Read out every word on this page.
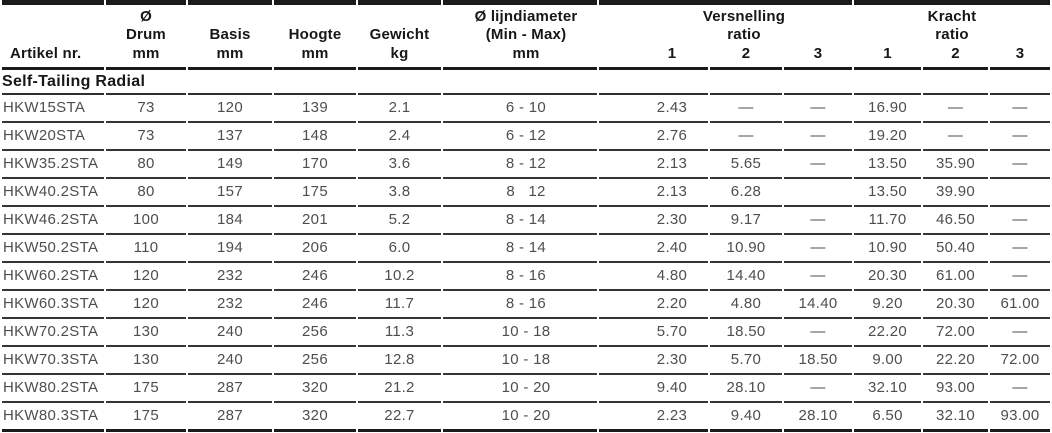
	Ø				Ø lijndiameter	Versnelling			Kracht		
	Drum	Basis	Hoogte	Gewicht	(Min - Max)	ratio			ratio		
Artikel nr.	mm	mm	mm	kg	mm	1	2	3	1	2	3
Self-Tailing Radial											
HKW15STA	73	120	139	2.1	6 - 10	2.43	—	—	16.90	—	—
HKW20STA	73	137	148	2.4	6 - 12	2.76	—	—	19.20	—	—
HKW35.2STA	80	149	170	3.6	8 - 12	2.13	5.65	—	13.50	35.90	—
HKW40.2STA	80	157	175	3.8	8   12	2.13	6.28		13.50	39.90	
HKW46.2STA	100	184	201	5.2	8 - 14	2.30	9.17	—	11.70	46.50	—
HKW50.2STA	110	194	206	6.0	8 - 14	2.40	10.90	—	10.90	50.40	—
HKW60.2STA	120	232	246	10.2	8 - 16	4.80	14.40	—	20.30	61.00	—
HKW60.3STA	120	232	246	11.7	8 - 16	2.20	4.80	14.40	9.20	20.30	61.00
HKW70.2STA	130	240	256	11.3	10 - 18	5.70	18.50	—	22.20	72.00	—
HKW70.3STA	130	240	256	12.8	10 - 18	2.30	5.70	18.50	9.00	22.20	72.00
HKW80.2STA	175	287	320	21.2	10 - 20	9.40	28.10	—	32.10	93.00	—
HKW80.3STA	175	287	320	22.7	10 - 20	2.23	9.40	28.10	6.50	32.10	93.00
